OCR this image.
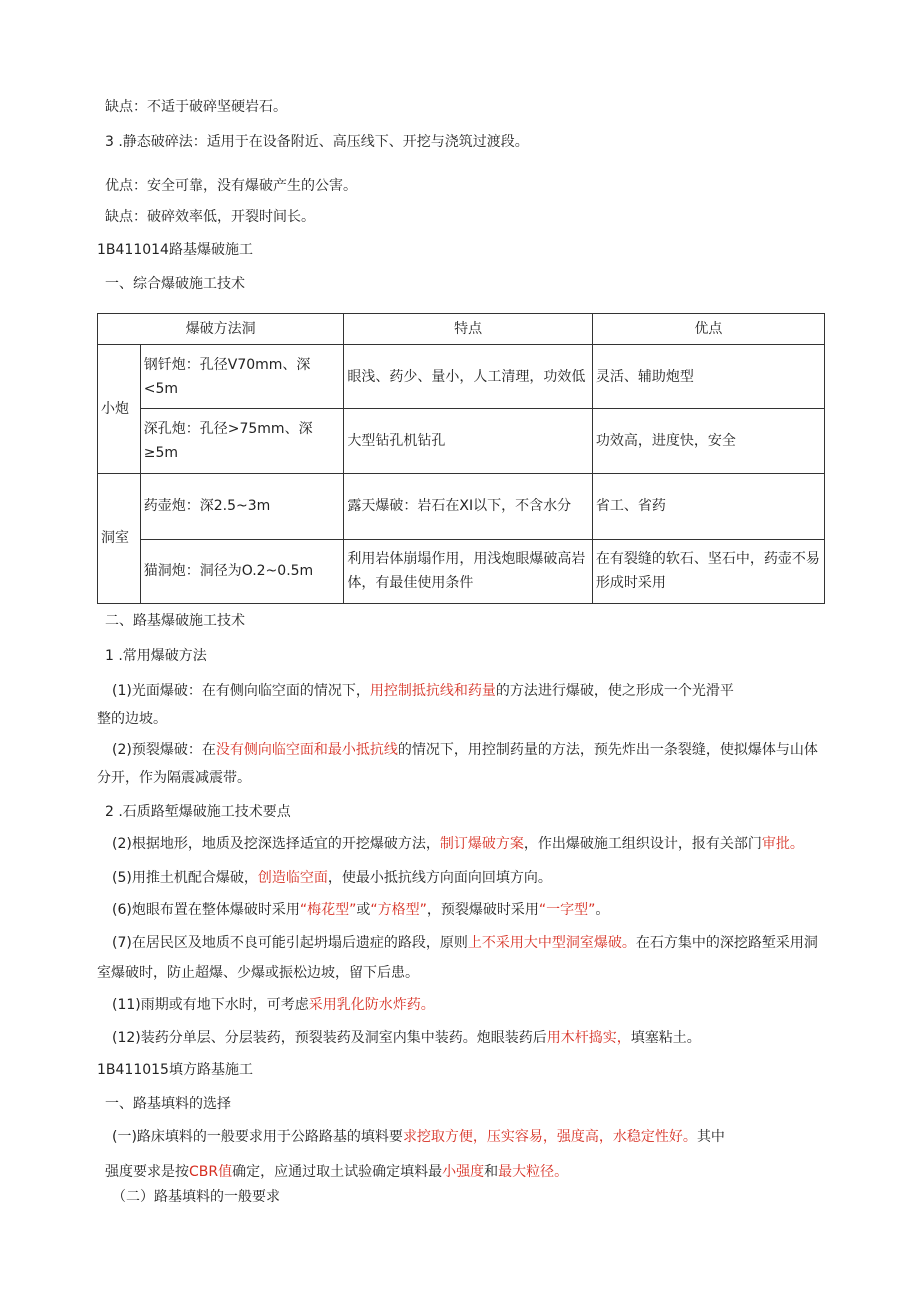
缺点：不适于破碎坚硬岩石。
3 .静态破碎法：适用于在设备附近、高压线下、开挖与浇筑过渡段。
优点：安全可靠，没有爆破产生的公害。
缺点：破碎效率低，开裂时间长。
1B411014路基爆破施工
一、综合爆破施工技术
爆破方法洞		特点	优点
小炮	钢钎炮：孔径V70mm、深<5m	眼浅、药少、量小，人工清理，功效低	灵活、辅助炮型
	深孔炮：孔径>75mm、深≥5m	大型钻孔机钻孔	功效高，进度快，安全
洞室	药壶炮：深2.5~3m	露天爆破：岩石在XI以下，不含水分	省工、省药
	猫洞炮：洞径为O.2~0.5m	利用岩体崩塌作用，用浅炮眼爆破高岩体，有最佳使用条件	在有裂缝的软石、坚石中，药壶不易形成时采用
二、路基爆破施工技术
1 .常用爆破方法
(1)光面爆破：在有侧向临空面的情况下，用控制抵抗线和药量的方法进行爆破，使之形成一个光滑平
整的边坡。
(2)预裂爆破：在没有侧向临空面和最小抵抗线的情况下，用控制药量的方法，预先炸出一条裂缝，使拟爆体与山体
分开，作为隔震减震带。
2 .石质路堑爆破施工技术要点
(2)根据地形，地质及挖深选择适宜的开挖爆破方法，制订爆破方案，作出爆破施工组织设计，报有关部门审批。
(5)用推土机配合爆破，创造临空面，使最小抵抗线方向面向回填方向。
(6)炮眼布置在整体爆破时采用“梅花型”或“方格型”，预裂爆破时采用“一字型”。
(7)在居民区及地质不良可能引起坍塌后遗症的路段，原则上不采用大中型洞室爆破。在石方集中的深挖路堑采用洞
室爆破时，防止超爆、少爆或振松边坡，留下后患。
(11)雨期或有地下水时，可考虑采用乳化防水炸药。
(12)装药分单层、分层装药，预裂装药及洞室内集中装药。炮眼装药后用木杆捣实，填塞粘土。
1B411015填方路基施工
一、路基填料的选择
(一)路床填料的一般要求用于公路路基的填料要求挖取方便，压实容易，强度高，水稳定性好。其中
强度要求是按CBR值确定，应通过取土试验确定填料最小强度和最大粒径。
（二）路基填料的一般要求
